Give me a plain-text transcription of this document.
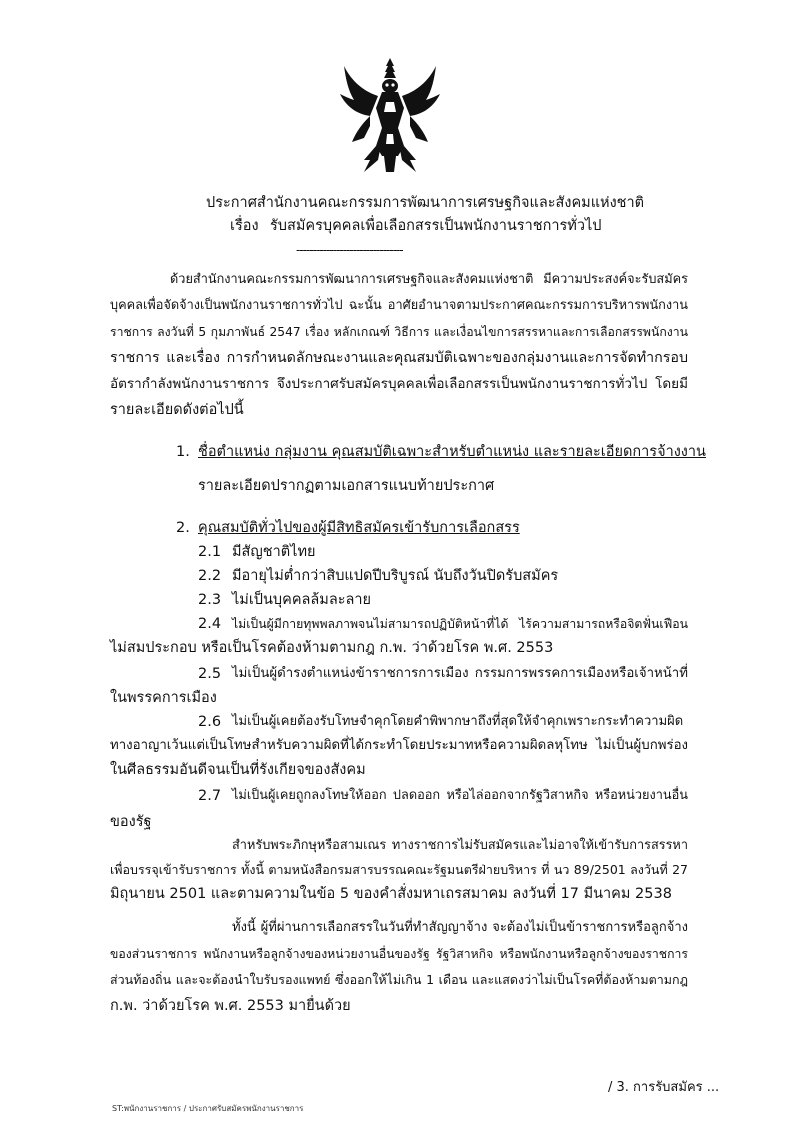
ประกาศสำนักงานคณะกรรมการพัฒนาการเศรษฐกิจและสังคมแห่งชาติ
เรื่อง รับสมัครบุคคลเพื่อเลือกสรรเป็นพนักงานราชการทั่วไป
--------------------------------
ด้วยสำนักงานคณะกรรมการพัฒนาการเศรษฐกิจและสังคมแห่งชาติ มีความประสงค์จะรับสมัคร
บุคคลเพื่อจัดจ้างเป็นพนักงานราชการทั่วไป ฉะนั้น อาศัยอำนาจตามประกาศคณะกรรมการบริหารพนักงาน
ราชการ ลงวันที่ 5 กุมภาพันธ์ 2547 เรื่อง หลักเกณฑ์ วิธีการ และเงื่อนไขการสรรหาและการเลือกสรรพนักงาน
ราชการ และเรื่อง การกำหนดลักษณะงานและคุณสมบัติเฉพาะของกลุ่มงานและการจัดทำกรอบ
อัตรากำลังพนักงานราชการ จึงประกาศรับสมัครบุคคลเพื่อเลือกสรรเป็นพนักงานราชการทั่วไป โดยมี
รายละเอียดดังต่อไปนี้
1. ชื่อตำแหน่ง กลุ่มงาน คุณสมบัติเฉพาะสำหรับตำแหน่ง และรายละเอียดการจ้างงาน
รายละเอียดปรากฏตามเอกสารแนบท้ายประกาศ
2. คุณสมบัติทั่วไปของผู้มีสิทธิสมัครเข้ารับการเลือกสรร
2.1 มีสัญชาติไทย
2.2 มีอายุไม่ต่ำกว่าสิบแปดปีบริบูรณ์ นับถึงวันปิดรับสมัคร
2.3 ไม่เป็นบุคคลล้มละลาย
2.4 ไม่เป็นผู้มีกายทุพพลภาพจนไม่สามารถปฏิบัติหน้าที่ได้ ไร้ความสามารถหรือจิตฟั่นเฟือน
ไม่สมประกอบ หรือเป็นโรคต้องห้ามตามกฎ ก.พ. ว่าด้วยโรค พ.ศ. 2553
2.5 ไม่เป็นผู้ดำรงตำแหน่งข้าราชการการเมือง กรรมการพรรคการเมืองหรือเจ้าหน้าที่
ในพรรคการเมือง
2.6 ไม่เป็นผู้เคยต้องรับโทษจำคุกโดยคำพิพากษาถึงที่สุดให้จำคุกเพราะกระทำความผิด
ทางอาญาเว้นแต่เป็นโทษสำหรับความผิดที่ได้กระทำโดยประมาทหรือความผิดลหุโทษ ไม่เป็นผู้บกพร่อง
ในศีลธรรมอันดีจนเป็นที่รังเกียจของสังคม
2.7 ไม่เป็นผู้เคยถูกลงโทษให้ออก ปลดออก หรือไล่ออกจากรัฐวิสาหกิจ หรือหน่วยงานอื่น
ของรัฐ
สำหรับพระภิกษุหรือสามเณร ทางราชการไม่รับสมัครและไม่อาจให้เข้ารับการสรรหา
เพื่อบรรจุเข้ารับราชการ ทั้งนี้ ตามหนังสือกรมสารบรรณคณะรัฐมนตรีฝ่ายบริหาร ที่ นว 89/2501 ลงวันที่ 27
มิถุนายน 2501 และตามความในข้อ 5 ของคำสั่งมหาเถรสมาคม ลงวันที่ 17 มีนาคม 2538
ทั้งนี้ ผู้ที่ผ่านการเลือกสรรในวันที่ทำสัญญาจ้าง จะต้องไม่เป็นข้าราชการหรือลูกจ้าง
ของส่วนราชการ พนักงานหรือลูกจ้างของหน่วยงานอื่นของรัฐ รัฐวิสาหกิจ หรือพนักงานหรือลูกจ้างของราชการ
ส่วนท้องถิ่น และจะต้องนำใบรับรองแพทย์ ซึ่งออกให้ไม่เกิน 1 เดือน และแสดงว่าไม่เป็นโรคที่ต้องห้ามตามกฎ
ก.พ. ว่าด้วยโรค พ.ศ. 2553 มายื่นด้วย
/ 3. การรับสมัคร ...
ST:พนักงานราชการ / ประกาศรับสมัครพนักงานราชการ
